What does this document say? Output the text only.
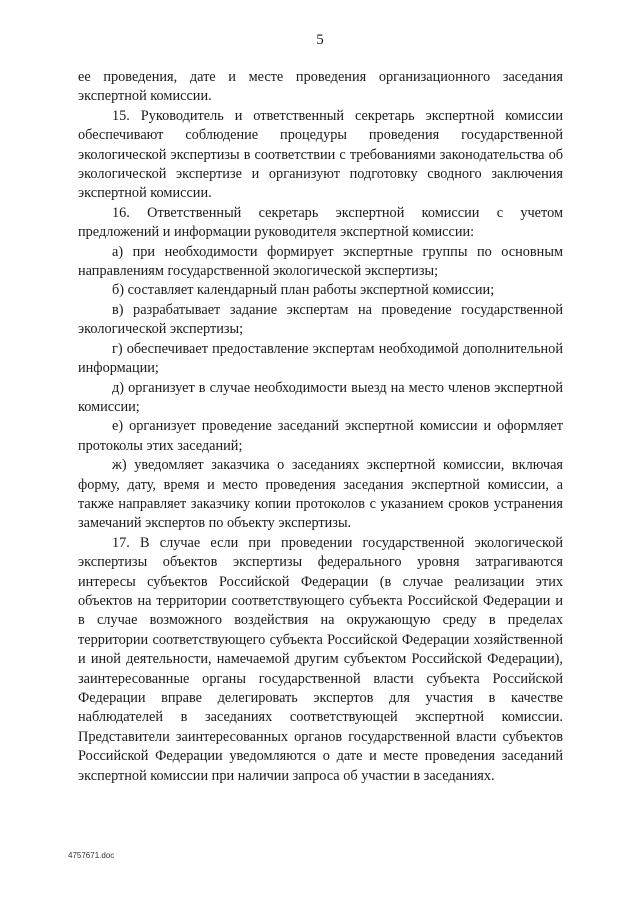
5

ее проведения, дате и месте проведения организационного заседания экспертной комиссии.

15. Руководитель и ответственный секретарь экспертной комиссии обеспечивают соблюдение процедуры проведения государственной экологической экспертизы в соответствии с требованиями законодательства об экологической экспертизе и организуют подготовку сводного заключения экспертной комиссии.

16. Ответственный секретарь экспертной комиссии с учетом предложений и информации руководителя экспертной комиссии:

а) при необходимости формирует экспертные группы по основным направлениям государственной экологической экспертизы;

б) составляет календарный план работы экспертной комиссии;

в) разрабатывает задание экспертам на проведение государственной экологической экспертизы;

г) обеспечивает предоставление экспертам необходимой дополнительной информации;

д) организует в случае необходимости выезд на место членов экспертной комиссии;

е) организует проведение заседаний экспертной комиссии и оформляет протоколы этих заседаний;

ж) уведомляет заказчика о заседаниях экспертной комиссии, включая форму, дату, время и место проведения заседания экспертной комиссии, а также направляет заказчику копии протоколов с указанием сроков устранения замечаний экспертов по объекту экспертизы.

17. В случае если при проведении государственной экологической экспертизы объектов экспертизы федерального уровня затрагиваются интересы субъектов Российской Федерации (в случае реализации этих объектов на территории соответствующего субъекта Российской Федерации и в случае возможного воздействия на окружающую среду в пределах территории соответствующего субъекта Российской Федерации хозяйственной и иной деятельности, намечаемой другим субъектом Российской Федерации), заинтересованные органы государственной власти субъекта Российской Федерации вправе делегировать экспертов для участия в качестве наблюдателей в заседаниях соответствующей экспертной комиссии. Представители заинтересованных органов государственной власти субъектов Российской Федерации уведомляются о дате и месте проведения заседаний экспертной комиссии при наличии запроса об участии в заседаниях.

4757671.doc
